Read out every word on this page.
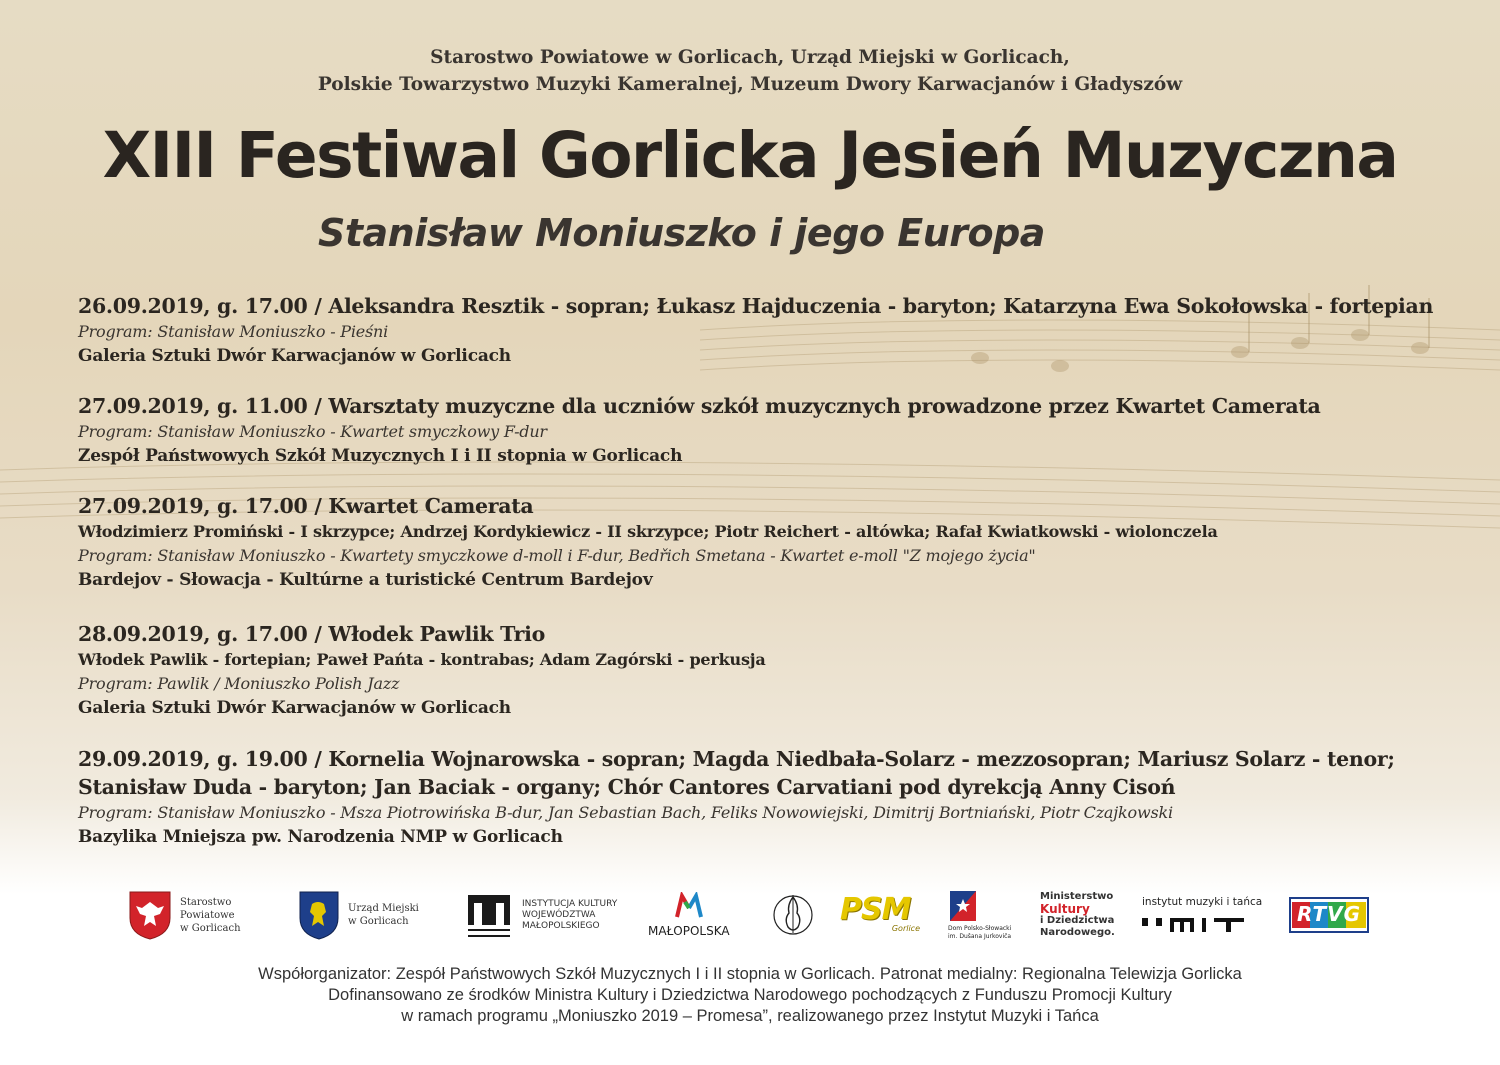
Starostwo Powiatowe w Gorlicach, Urząd Miejski w Gorlicach,
Polskie Towarzystwo Muzyki Kameralnej, Muzeum Dwory Karwacjanów i Gładyszów
XIII Festiwal Gorlicka Jesień Muzyczna
Stanisław Moniuszko i jego Europa
26.09.2019, g. 17.00 / Aleksandra Resztik - sopran; Łukasz Hajduczenia - baryton; Katarzyna Ewa Sokołowska - fortepian
Program: Stanisław Moniuszko - Pieśni
Galeria Sztuki Dwór Karwacjanów w Gorlicach
27.09.2019, g. 11.00 / Warsztaty muzyczne dla uczniów szkół muzycznych prowadzone przez Kwartet Camerata
Program: Stanisław Moniuszko - Kwartet smyczkowy F-dur
Zespół Państwowych Szkół Muzycznych I i II stopnia w Gorlicach
27.09.2019, g. 17.00 / Kwartet Camerata
Włodzimierz Promiński - I skrzypce; Andrzej Kordykiewicz - II skrzypce; Piotr Reichert - altówka; Rafał Kwiatkowski - wiolonczela
Program: Stanisław Moniuszko - Kwartety smyczkowe d-moll i F-dur, Bedřich Smetana - Kwartet e-moll "Z mojego życia"
Bardejov - Słowacja - Kultúrne a turistické Centrum Bardejov
28.09.2019, g. 17.00 / Włodek Pawlik Trio
Włodek Pawlik - fortepian; Paweł Pańta - kontrabas; Adam Zagórski - perkusja
Program: Pawlik / Moniuszko Polish Jazz
Galeria Sztuki Dwór Karwacjanów w Gorlicach
29.09.2019, g. 19.00 / Kornelia Wojnarowska - sopran; Magda Niedbała-Solarz - mezzosopran; Mariusz Solarz - tenor;
Stanisław Duda - baryton; Jan Baciak - organy; Chór Cantores Carvatiani pod dyrekcją Anny Cisoń
Program: Stanisław Moniuszko - Msza Piotrowińska B-dur, Jan Sebastian Bach, Feliks Nowowiejski, Dimitrij Bortniański, Piotr Czajkowski
Bazylika Mniejsza pw. Narodzenia NMP w Gorlicach
Starostwo
Powiatowe
w Gorlicach
Urząd Miejski
w Gorlicach
INSTYTUCJA KULTURY
WOJEWÓDZTWA
MAŁOPOLSKIEGO	MAŁOPOLSKA
PSM
Gorlice	Dom Polsko-Słowacki
im. Dušana Jurkoviča
Ministerstwo
Kultury
i Dziedzictwa
Narodowego.
instytut muzyki i tańca	RTVG
Współorganizator: Zespół Państwowych Szkół Muzycznych I i II stopnia w Gorlicach. Patronat medialny: Regionalna Telewizja Gorlicka
Dofinansowano ze środków Ministra Kultury i Dziedzictwa Narodowego pochodzących z Funduszu Promocji Kultury
w ramach programu „Moniuszko 2019 – Promesa”, realizowanego przez Instytut Muzyki i Tańca
